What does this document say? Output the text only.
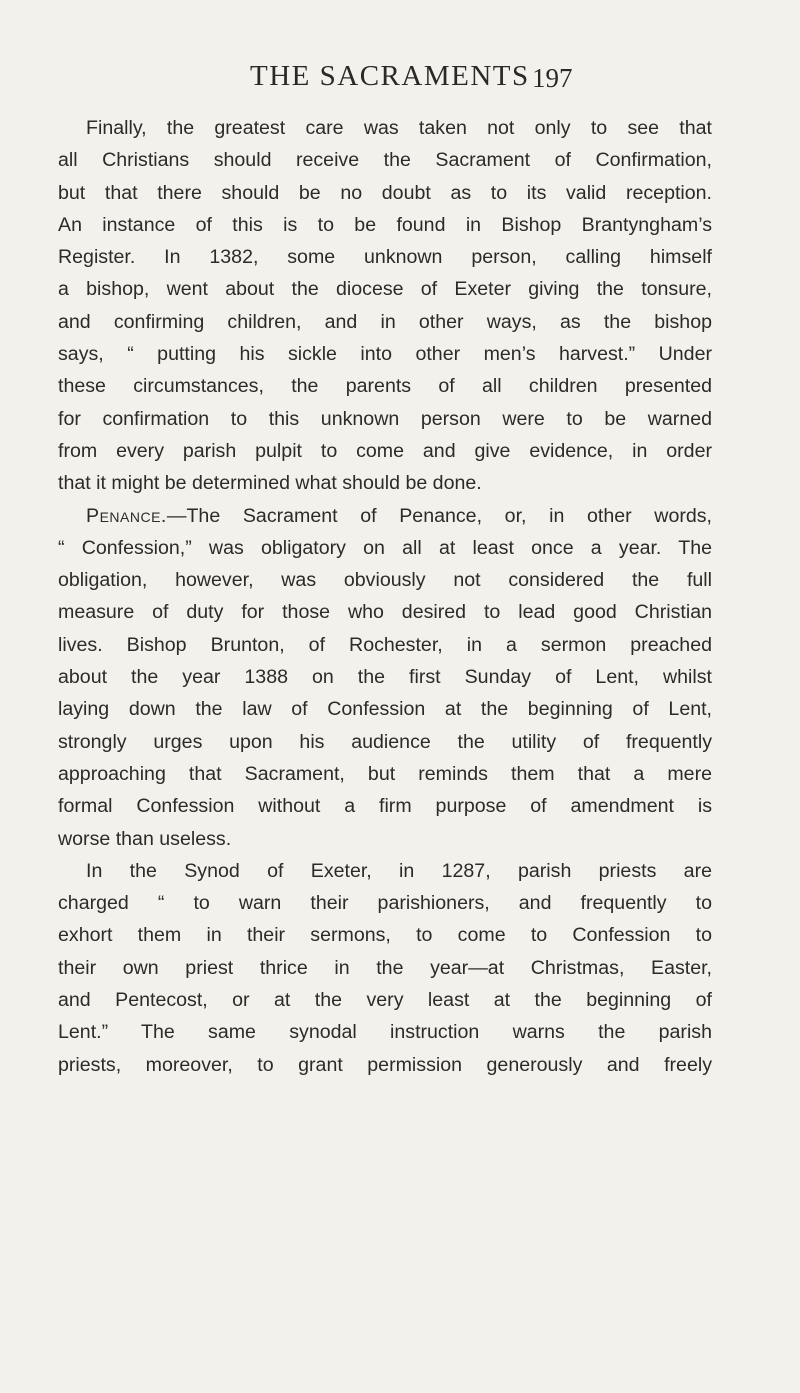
THE SACRAMENTS 197
Finally, the greatest care was taken not only to see that
all Christians should receive the Sacrament of Confirmation,
but that there should be no doubt as to its valid reception.
An instance of this is to be found in Bishop Brantyngham’s
Register. In 1382, some unknown person, calling himself
a bishop, went about the diocese of Exeter giving the tonsure,
and confirming children, and in other ways, as the bishop
says, “ putting his sickle into other men’s harvest.” Under
these circumstances, the parents of all children presented
for confirmation to this unknown person were to be warned
from every parish pulpit to come and give evidence, in order
that it might be determined what should be done.
Penance.—The Sacrament of Penance, or, in other words,
“ Confession,” was obligatory on all at least once a year. The
obligation, however, was obviously not considered the full
measure of duty for those who desired to lead good Christian
lives. Bishop Brunton, of Rochester, in a sermon preached
about the year 1388 on the first Sunday of Lent, whilst
laying down the law of Confession at the beginning of Lent,
strongly urges upon his audience the utility of frequently
approaching that Sacrament, but reminds them that a mere
formal Confession without a firm purpose of amendment is
worse than useless.
In the Synod of Exeter, in 1287, parish priests are
charged “ to warn their parishioners, and frequently to
exhort them in their sermons, to come to Confession to
their own priest thrice in the year—at Christmas, Easter,
and Pentecost, or at the very least at the beginning of
Lent.” The same synodal instruction warns the parish
priests, moreover, to grant permission generously and freely
